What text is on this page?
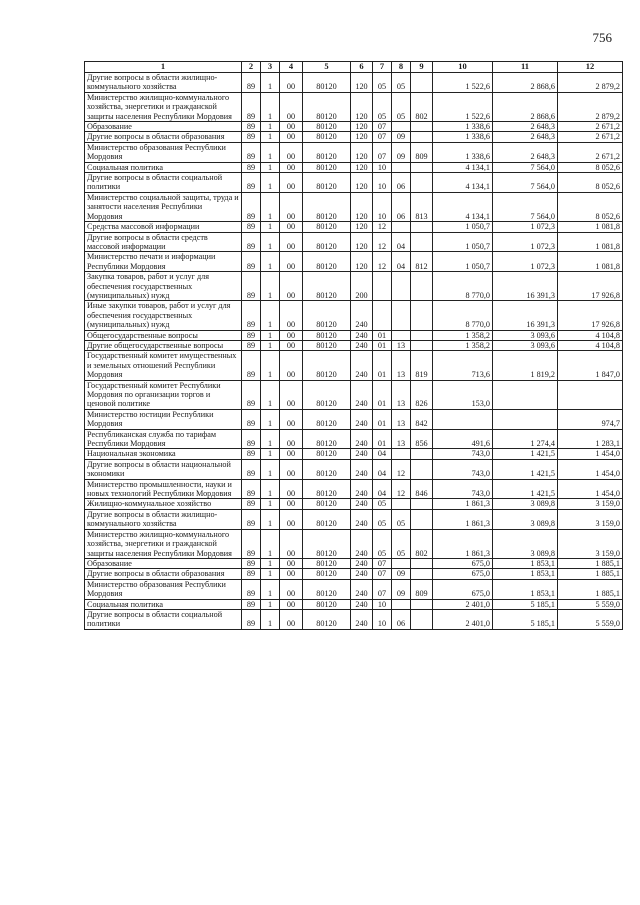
756
1	2	3	4	5	6	7	8	9	10	11	12
Другие вопросы в области жилищно-коммунального хозяйства	89	1	00	80120	120	05	05		1 522,6	2 868,6	2 879,2
Министерство жилищно-коммунального хозяйства, энергетики и гражданской защиты населения Республики Мордовия	89	1	00	80120	120	05	05	802	1 522,6	2 868,6	2 879,2
Образование	89	1	00	80120	120	07			1 338,6	2 648,3	2 671,2
Другие вопросы в области образования	89	1	00	80120	120	07	09		1 338,6	2 648,3	2 671,2
Министерство образования Республики Мордовия	89	1	00	80120	120	07	09	809	1 338,6	2 648,3	2 671,2
Социальная политика	89	1	00	80120	120	10			4 134,1	7 564,0	8 052,6
Другие вопросы в области социальной политики	89	1	00	80120	120	10	06		4 134,1	7 564,0	8 052,6
Министерство социальной защиты, труда и занятости населения Республики Мордовия	89	1	00	80120	120	10	06	813	4 134,1	7 564,0	8 052,6
Средства массовой информации	89	1	00	80120	120	12			1 050,7	1 072,3	1 081,8
Другие вопросы в области средств массовой информации	89	1	00	80120	120	12	04		1 050,7	1 072,3	1 081,8
Министерство печати и информации Республики Мордовия	89	1	00	80120	120	12	04	812	1 050,7	1 072,3	1 081,8
Закупка товаров, работ и услуг для обеспечения государственных (муниципальных) нужд	89	1	00	80120	200				8 770,0	16 391,3	17 926,8
Иные закупки товаров, работ и услуг для обеспечения государственных (муниципальных) нужд	89	1	00	80120	240				8 770,0	16 391,3	17 926,8
Общегосударственные вопросы	89	1	00	80120	240	01			1 358,2	3 093,6	4 104,8
Другие общегосударственные вопросы	89	1	00	80120	240	01	13		1 358,2	3 093,6	4 104,8
Государственный комитет имущественных и земельных отношений Республики Мордовия	89	1	00	80120	240	01	13	819	713,6	1 819,2	1 847,0
Государственный комитет Республики Мордовия по организации торгов и ценовой политике	89	1	00	80120	240	01	13	826	153,0		
Министерство юстиции Республики Мордовия	89	1	00	80120	240	01	13	842			974,7
Республиканская служба по тарифам Республики Мордовия	89	1	00	80120	240	01	13	856	491,6	1 274,4	1 283,1
Национальная экономика	89	1	00	80120	240	04			743,0	1 421,5	1 454,0
Другие вопросы в области национальной экономики	89	1	00	80120	240	04	12		743,0	1 421,5	1 454,0
Министерство промышленности, науки и новых технологий Республики Мордовия	89	1	00	80120	240	04	12	846	743,0	1 421,5	1 454,0
Жилищно-коммунальное хозяйство	89	1	00	80120	240	05			1 861,3	3 089,8	3 159,0
Другие вопросы в области жилищно-коммунального хозяйства	89	1	00	80120	240	05	05		1 861,3	3 089,8	3 159,0
Министерство жилищно-коммунального хозяйства, энергетики и гражданской защиты населения Республики Мордовия	89	1	00	80120	240	05	05	802	1 861,3	3 089,8	3 159,0
Образование	89	1	00	80120	240	07			675,0	1 853,1	1 885,1
Другие вопросы в области образования	89	1	00	80120	240	07	09		675,0	1 853,1	1 885,1
Министерство образования Республики Мордовия	89	1	00	80120	240	07	09	809	675,0	1 853,1	1 885,1
Социальная политика	89	1	00	80120	240	10			2 401,0	5 185,1	5 559,0
Другие вопросы в области социальной политики	89	1	00	80120	240	10	06		2 401,0	5 185,1	5 559,0
